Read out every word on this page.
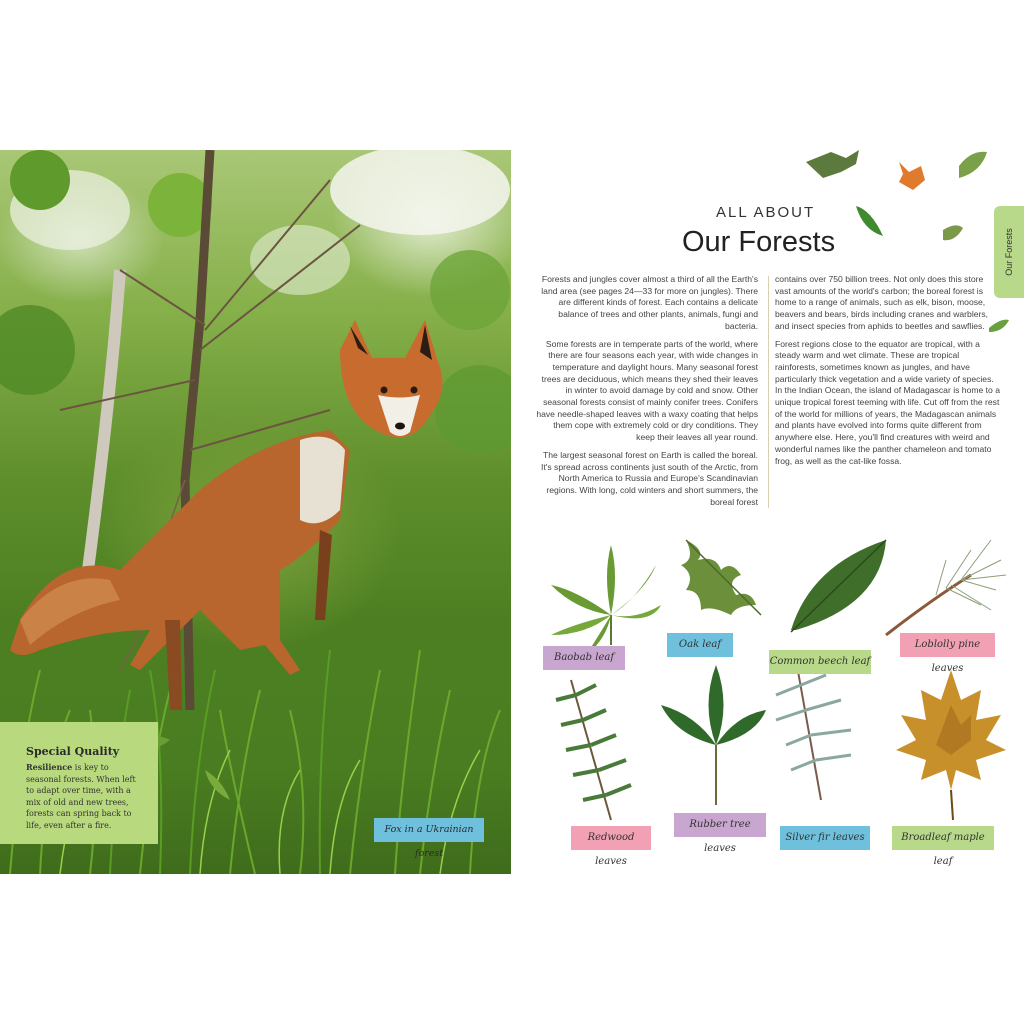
Special Quality
Resilience is key to seasonal forests. When left to adapt over time, with a mix of old and new trees, forests can spring back to life, even after a fire.	Fox in a Ukrainian forest
ALL ABOUT
Our Forests	Our Forests

Forests and jungles cover almost a third of all the Earth's land area (see pages 24—33 for more on jungles). There are different kinds of forest. Each contains a delicate balance of trees and other plants, animals, fungi and bacteria.

Some forests are in temperate parts of the world, where there are four seasons each year, with wide changes in temperature and daylight hours. Many seasonal forest trees are deciduous, which means they shed their leaves in winter to avoid damage by cold and snow. Other seasonal forests consist of mainly conifer trees. Conifers have needle-shaped leaves with a waxy coating that helps them cope with extremely cold or dry conditions. They keep their leaves all year round.

The largest seasonal forest on Earth is called the boreal. It's spread across continents just south of the Arctic, from North America to Russia and Europe's Scandinavian regions. With long, cold winters and short summers, the boreal forest

contains over 750 billion trees. Not only does this store vast amounts of the world's carbon; the boreal forest is home to a range of animals, such as elk, bison, moose, beavers and bears, birds including cranes and warblers, and insect species from aphids to beetles and sawflies.

Forest regions close to the equator are tropical, with a steady warm and wet climate. These are tropical rainforests, sometimes known as jungles, and have particularly thick vegetation and a wide variety of species. In the Indian Ocean, the island of Madagascar is home to a unique tropical forest teeming with life. Cut off from the rest of the world for millions of years, the Madagascan animals and plants have evolved into forms quite different from anywhere else. Here, you'll find creatures with weird and wonderful names like the panther chameleon and tomato frog, as well as the cat-like fossa.

Baobab leaf
Oak leaf
Common beech leaf
Loblolly pine leaves
Redwood leaves
Rubber tree leaves
Silver fir leaves	Broadleaf maple leaf
